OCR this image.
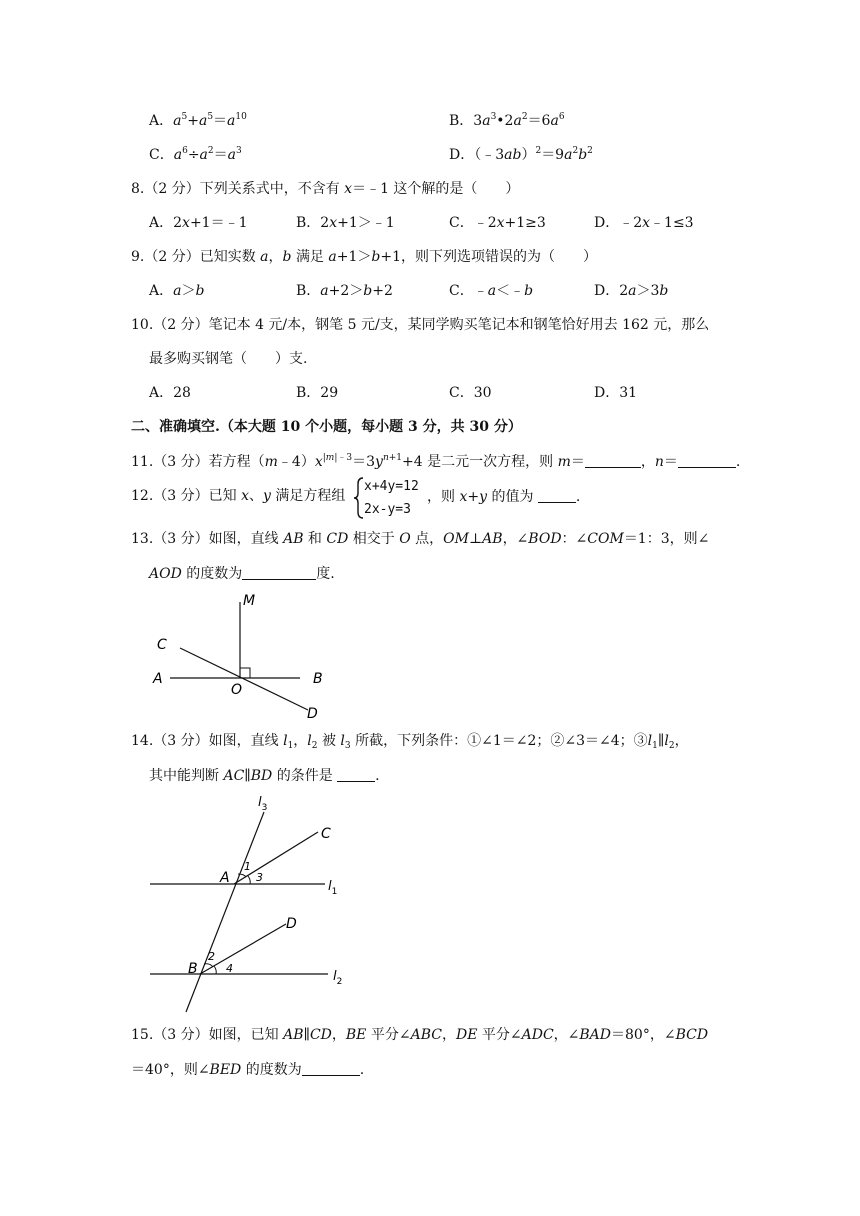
A．$a^5+a^5=a^{10}$	B．$3a^3•2a^2=6a^6$
C．$a^6\div a^2=a^3$	D．$(﹣3ab)^2=9a^2b^2$
8.（2 分）下列关系式中，不含有 x＝﹣1 这个解的是（　　）
A．2x+1＝﹣1	B．2x+1＞﹣1	C．﹣2x+1≥3	D．﹣2x﹣1≤3
9.（2 分）已知实数 a，b 满足 a+1＞b+1，则下列选项错误的为（　　）
A．a＞b	B．a+2＞b+2	C．﹣a＜﹣b	D．2a＞3b
10.（2 分）笔记本 4 元/本，钢笔 5 元/支，某同学购买笔记本和钢笔恰好用去 162 元，那么
最多购买钢笔（　　）支.
A．28	B．29	C．30	D．31
二、准确填空.（本大题 10 个小题，每小题 3 分，共 30 分）
11.（3 分）若方程$(m﹣4)x^{|m|﹣3}=3y^{n+1}+4$ 是二元一次方程，则 m＝	，n＝	.
12.（3 分）已知 x、y 满足方程组
x+4y=12
2x-y=3
，则 x+y 的值为	.
13.（3 分）如图，直线 AB 和 CD 相交于 O 点，OM⊥AB，∠BOD：∠COM＝1：3，则∠
AOD 的度数为	度.
M
C
A
O
B
D
14.（3 分）如图，直线 $l_1$，$l_2$ 被 $l_3$ 所截，下列条件：①∠1＝∠2；②∠3＝∠4；$③l_1\parallel l_2$，
其中能判断 AC∥BD 的条件是	.
$l_3$
C
1
A 3
$l_1$
D
2
B	4
$l_2$
15.（3 分）如图，已知 AB∥CD，BE 平分∠ABC，DE 平分∠ADC，∠BAD＝80°，∠BCD
＝40°，则∠BED 的度数为	.
